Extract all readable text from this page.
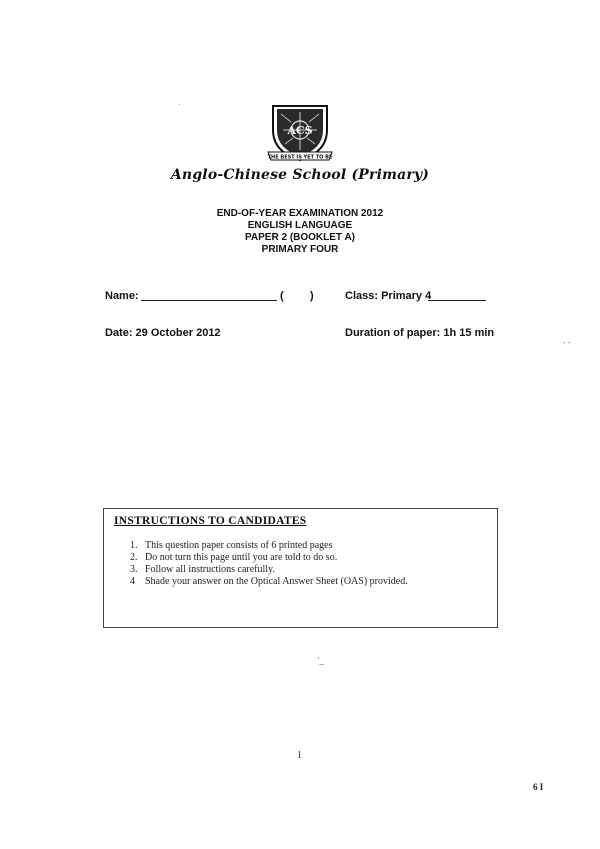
ACS
THE BEST IS YET TO BE
Anglo-Chinese School (Primary)
END-OF-YEAR EXAMINATION 2012
ENGLISH LANGUAGE
PAPER 2 (BOOKLET A)
PRIMARY FOUR
Name:	( )	Class: Primary 4
Date: 29 October 2012	Duration of paper: 1h 15 min
·
- -
'_
INSTRUCTIONS TO CANDIDATES
1. This question paper consists of 6 printed pages
2. Do not turn this page until you are told to do so.
3. Follow all instructions carefully.
4 Shade your answer on the Optical Answer Sheet (OAS) provided.
1
6 I
